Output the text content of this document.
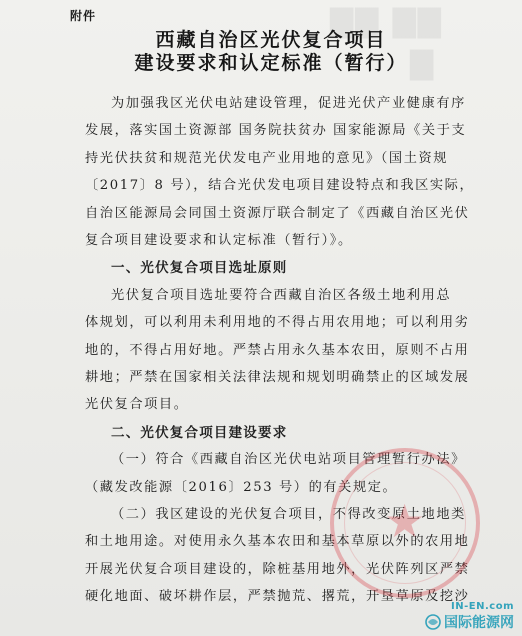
▇▇ ▇▇
▇
附件
西藏自治区光伏复合项目
建设要求和认定标准（暂行）
为加强我区光伏电站建设管理，促进光伏产业健康有序
发展，落实国土资源部 国务院扶贫办 国家能源局《关于支
持光伏扶贫和规范光伏发电产业用地的意见》（国土资规
〔2017〕8 号），结合光伏发电项目建设特点和我区实际，
自治区能源局会同国土资源厅联合制定了《西藏自治区光伏
复合项目建设要求和认定标准（暂行）》。
一、光伏复合项目选址原则
光伏复合项目选址要符合西藏自治区各级土地利用总
体规划，可以利用未利用地的不得占用农用地；可以利用劣
地的，不得占用好地。严禁占用永久基本农田，原则不占用
耕地；严禁在国家相关法律法规和规划明确禁止的区域发展
光伏复合项目。
二、光伏复合项目建设要求
（一）符合《西藏自治区光伏电站项目管理暂行办法》
（藏发改能源〔2016〕253 号）的有关规定。
（二）我区建设的光伏复合项目，不得改变原土地地类
和土地用途。对使用永久基本农田和基本草原以外的农用地
开展光伏复合项目建设的，除桩基用地外，光伏阵列区严禁
硬化地面、破坏耕作层，严禁抛荒、撂荒，开垦草原及挖沙
★
IN-EN.com
国际能源网
